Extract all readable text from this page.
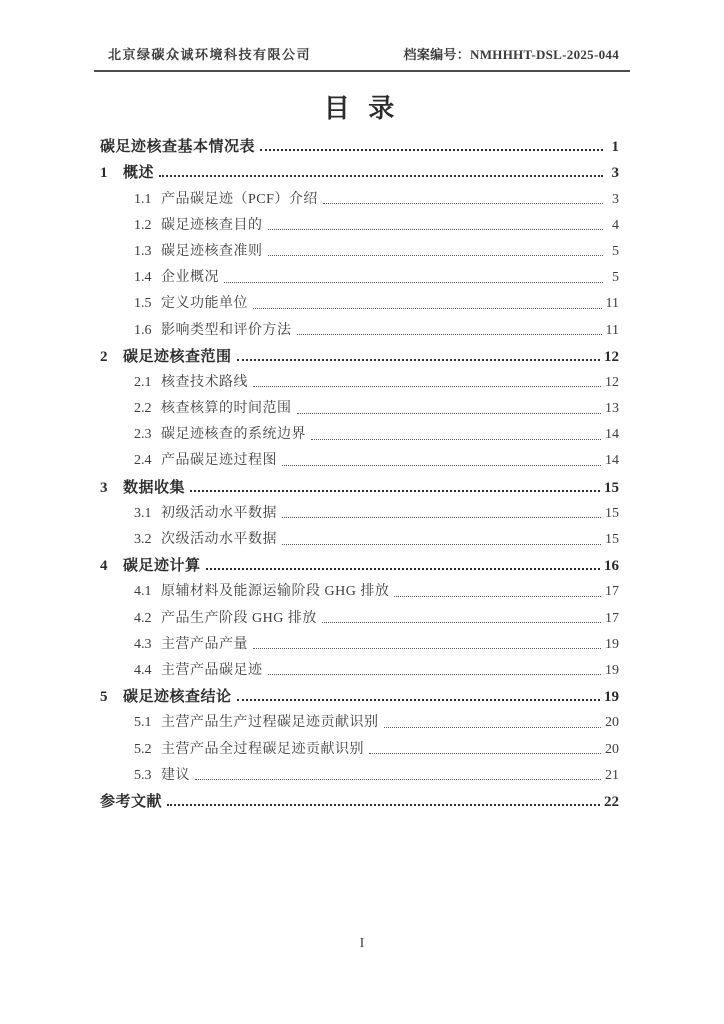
北京绿碳众诚环境科技有限公司	档案编号：NMHHHT-DSL-2025-044
目 录
碳足迹核查基本情况表	1
1	概述	3
1.1 产品碳足迹（PCF）介绍	3
1.2 碳足迹核查目的	4
1.3 碳足迹核查准则	5
1.4 企业概况	5
1.5 定义功能单位	11
1.6 影响类型和评价方法	11
2	碳足迹核查范围	12
2.1 核查技术路线	12
2.2 核查核算的时间范围	13
2.3 碳足迹核查的系统边界	14
2.4 产品碳足迹过程图	14
3	数据收集	15
3.1 初级活动水平数据	15
3.2 次级活动水平数据	15
4	碳足迹计算	16
4.1 原辅材料及能源运输阶段 GHG 排放	17
4.2 产品生产阶段 GHG 排放	17
4.3 主营产品产量	19
4.4 主营产品碳足迹	19
5	碳足迹核查结论	19
5.1 主营产品生产过程碳足迹贡献识别	20
5.2 主营产品全过程碳足迹贡献识别	20
5.3 建议	21
参考文献	22
I
